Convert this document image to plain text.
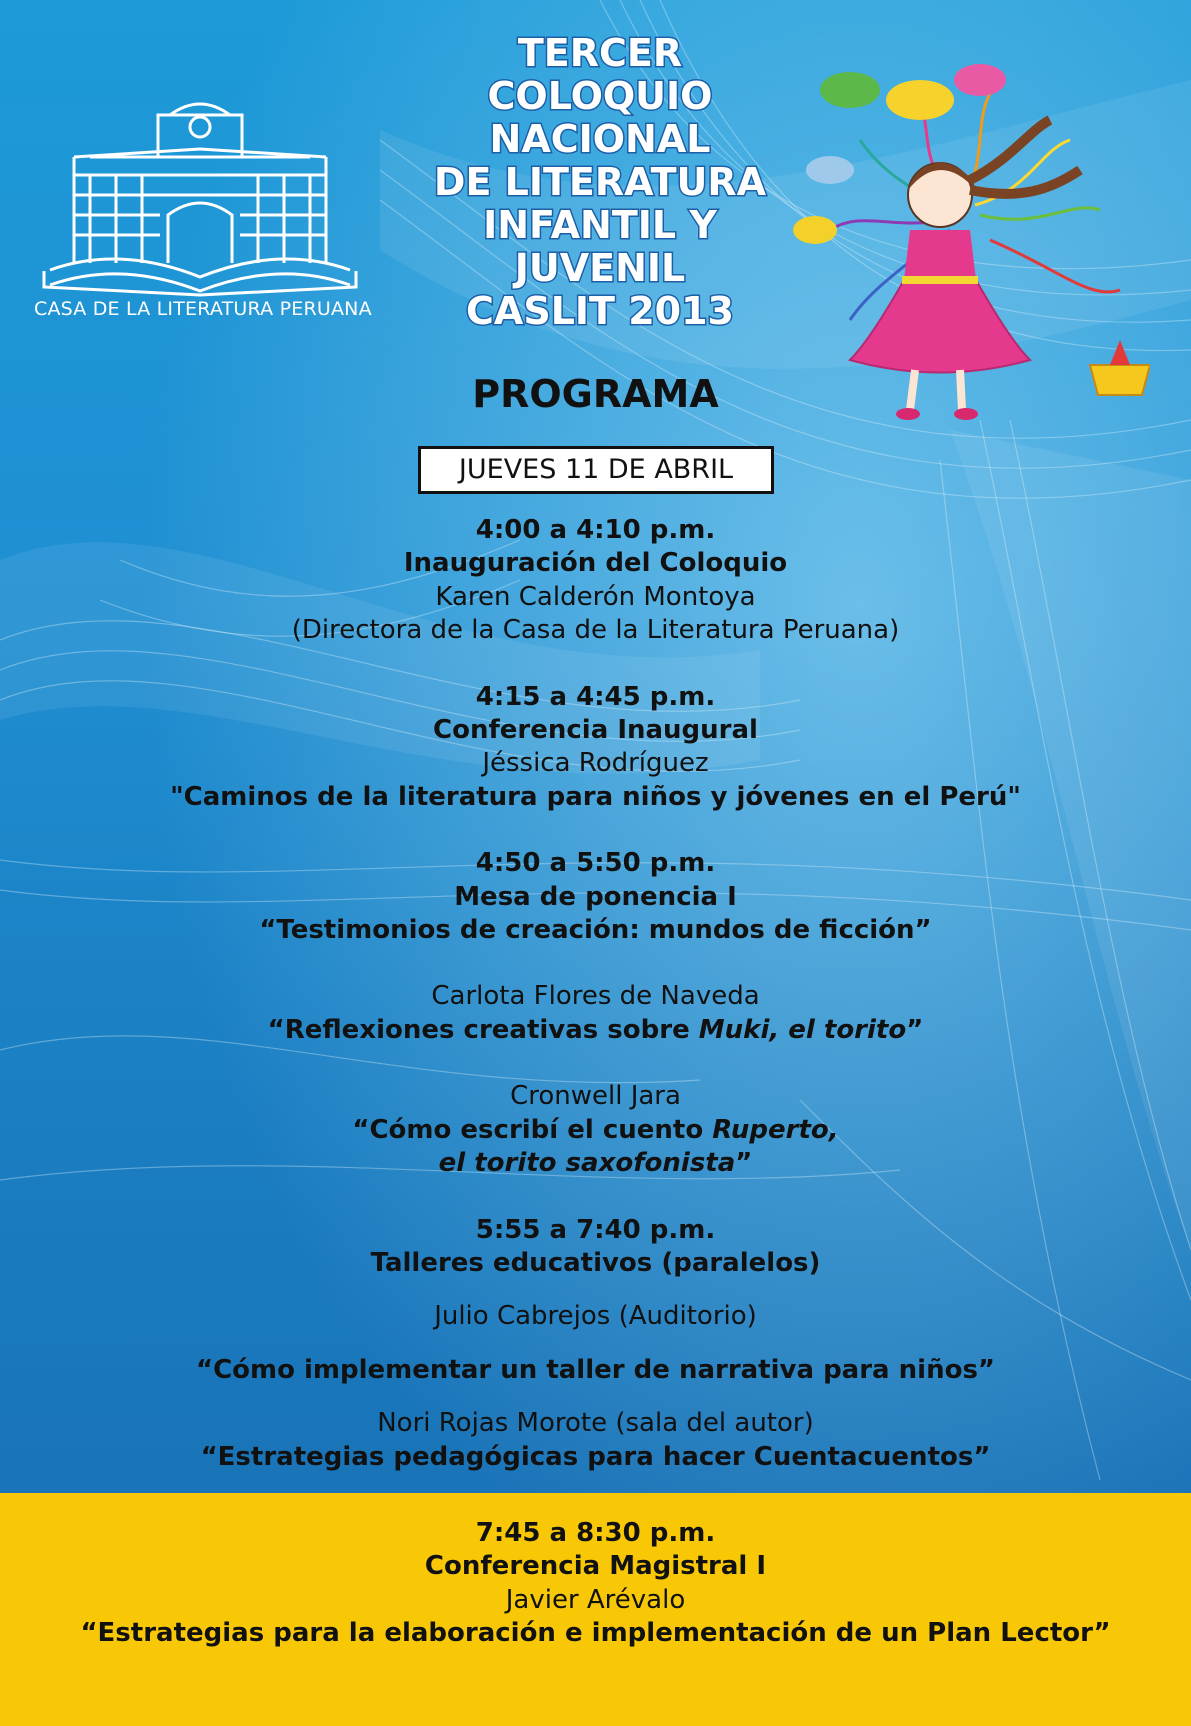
CASA DE LA LITERATURA PERUANA
TERCER
COLOQUIO
NACIONAL
DE LITERATURA
INFANTIL Y
JUVENIL
CASLIT 2013
PROGRAMA
JUEVES 11 DE ABRIL
4:00 a 4:10 p.m.
Inauguración del Coloquio
Karen Calderón Montoya
(Directora de la Casa de la Literatura Peruana)
4:15 a 4:45 p.m.
Conferencia Inaugural
Jéssica Rodríguez
"Caminos de la literatura para niños y jóvenes en el Perú"
4:50 a 5:50 p.m.
Mesa de ponencia I
“Testimonios de creación: mundos de ficción”
Carlota Flores de Naveda
“Reflexiones creativas sobre Muki, el torito”
Cronwell Jara
“Cómo escribí el cuento Ruperto,
el torito saxofonista”
5:55 a 7:40 p.m.
Talleres educativos (paralelos)
Julio Cabrejos (Auditorio)
“Cómo implementar un taller de narrativa para niños”
Nori Rojas Morote (sala del autor)
“Estrategias pedagógicas para hacer Cuentacuentos”
7:45 a 8:30 p.m.
Conferencia Magistral I
Javier Arévalo
“Estrategias para la elaboración e implementación de un Plan Lector”
